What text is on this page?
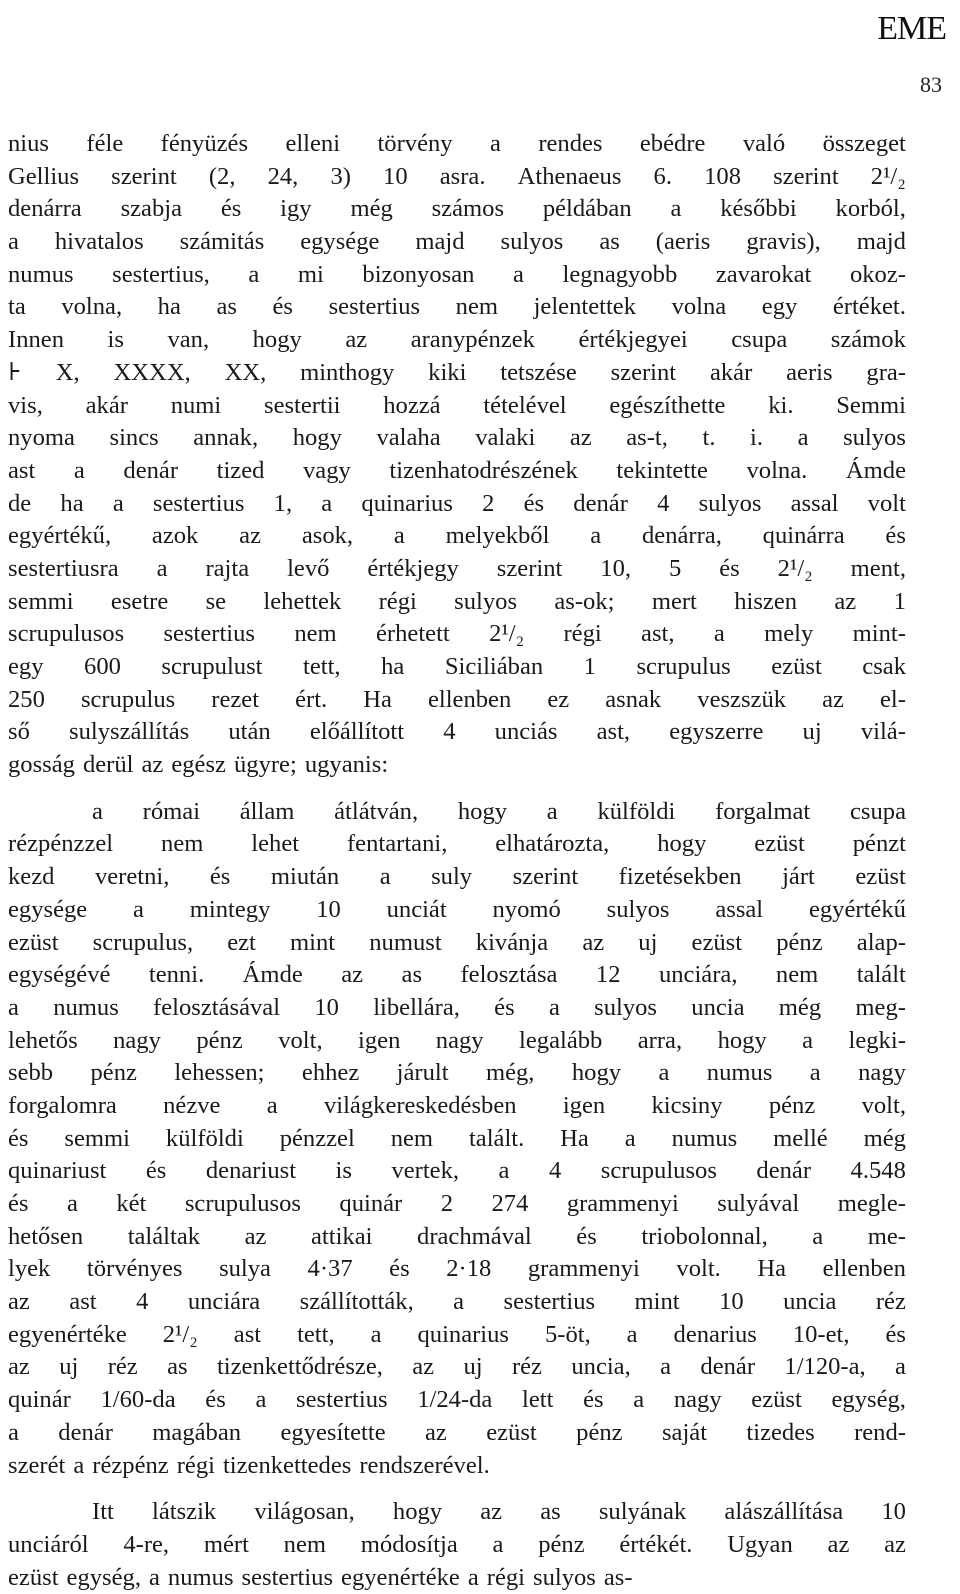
EME
83
nius féle fényüzés elleni törvény a rendes ebédre való összeget
Gellius szerint (2, 24, 3) 10 asra. Athenaeus 6. 108 szerint 2¹/₂
denárra szabja és igy még számos példában a későbbi korból,
a hivatalos számitás egysége majd sulyos as (aeris gravis), majd
numus sestertius, a mi bizonyosan a legnagyobb zavarokat okoz-
ta volna, ha as és sestertius nem jelentettek volna egy értéket.
Innen is van, hogy az aranypénzek értékjegyei csupa számok
⊦ X, XXXX, XX, minthogy kiki tetszése szerint akár aeris gra-
vis, akár numi sestertii hozzá tételével egészíthette ki. Semmi
nyoma sincs annak, hogy valaha valaki az as-t, t. i. a sulyos
ast a denár tized vagy tizenhatodrészének tekintette volna. Ámde
de ha a sestertius 1, a quinarius 2 és denár 4 sulyos assal volt
egyértékű, azok az asok, a melyekből a denárra, quinárra és
sestertiusra a rajta levő értékjegy szerint 10, 5 és 2¹/₂ ment,
semmi esetre se lehettek régi sulyos as-ok; mert hiszen az 1
scrupulusos sestertius nem érhetett 2¹/₂ régi ast, a mely mint-
egy 600 scrupulust tett, ha Siciliában 1 scrupulus ezüst csak
250 scrupulus rezet ért. Ha ellenben ez asnak veszszük az el-
ső sulyszállítás után előállított 4 unciás ast, egyszerre uj vilá-
gosság derül az egész ügyre; ugyanis:
a római állam átlátván, hogy a külföldi forgalmat csupa
rézpénzzel nem lehet fentartani, elhatározta, hogy ezüst pénzt
kezd veretni, és miután a suly szerint fizetésekben járt ezüst
egysége a mintegy 10 unciát nyomó sulyos assal egyértékű
ezüst scrupulus, ezt mint numust kivánja az uj ezüst pénz alap-
egységévé tenni. Ámde az as felosztása 12 unciára, nem talált
a numus felosztásával 10 libellára, és a sulyos uncia még meg-
lehetős nagy pénz volt, igen nagy legalább arra, hogy a legki-
sebb pénz lehessen; ehhez járult még, hogy a numus a nagy
forgalomra nézve a világkereskedésben igen kicsiny pénz volt,
és semmi külföldi pénzzel nem talált. Ha a numus mellé még
quinariust és denariust is vertek, a 4 scrupulusos denár 4.548
és a két scrupulusos quinár 2 274 grammenyi sulyával megle-
hetősen találtak az attikai drachmával és triobolonnal, a me-
lyek törvényes sulya 4·37 és 2·18 grammenyi volt. Ha ellenben
az ast 4 unciára szállították, a sestertius mint 10 uncia réz
egyenértéke 2¹/₂ ast tett, a quinarius 5-öt, a denarius 10-et, és
az uj réz as tizenkettődrésze, az uj réz uncia, a denár 1/120-a, a
quinár 1/60-da és a sestertius 1/24-da lett és a nagy ezüst egység,
a denár magában egyesítette az ezüst pénz saját tizedes rend-
szerét a rézpénz régi tizenkettedes rendszerével.
Itt látszik világosan, hogy az as sulyának alászállítása 10
unciáról 4-re, mért nem módosítja a pénz értékét. Ugyan az az
ezüst egység, a numus sestertius egyenértéke a régi sulyos as-
